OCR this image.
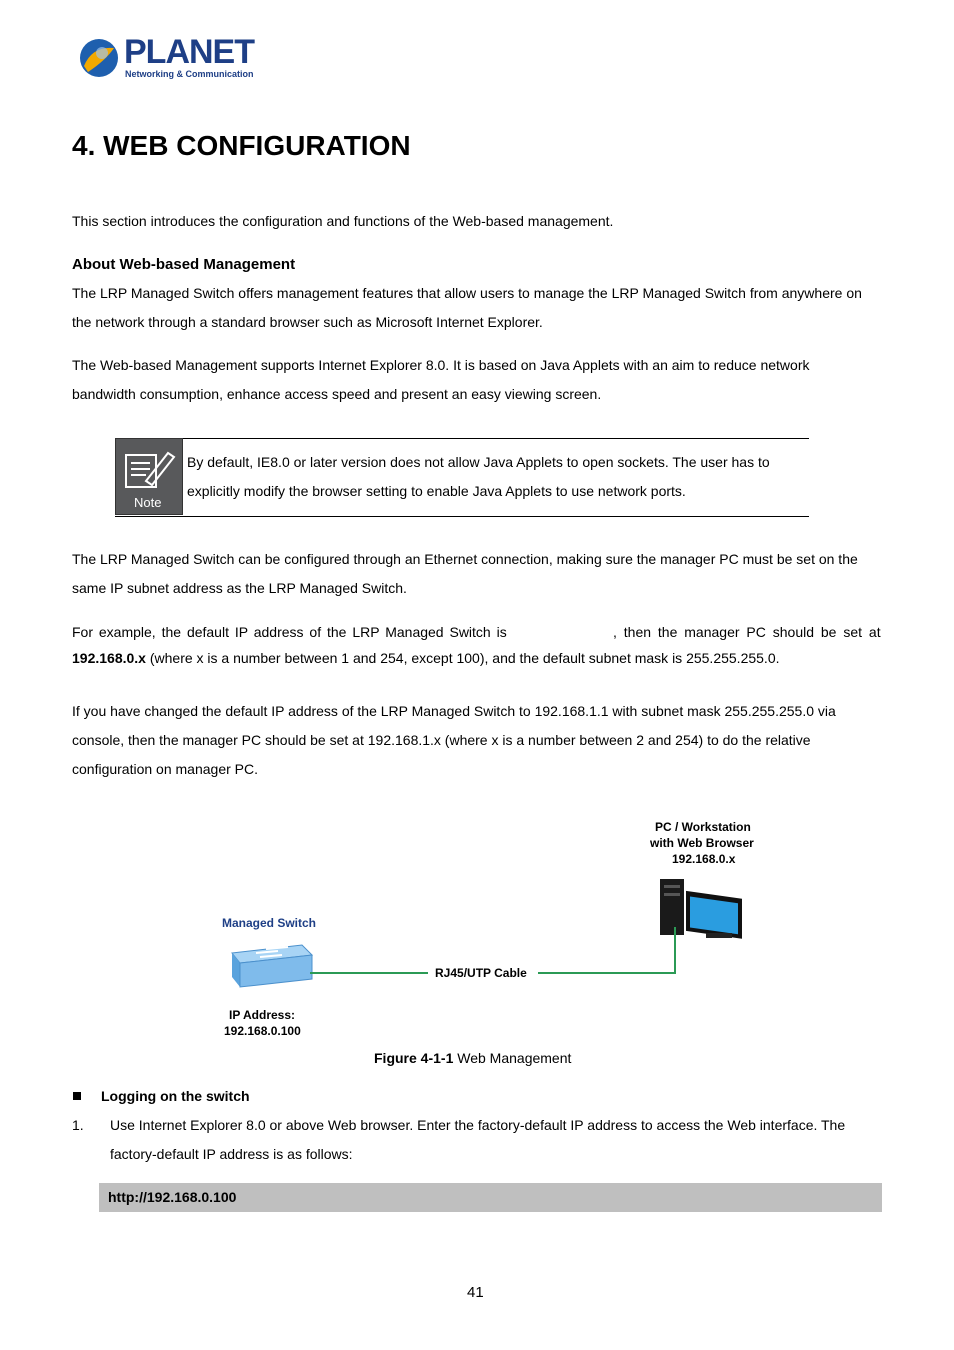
PLANET
Networking & Communication
4. WEB CONFIGURATION
This section introduces the configuration and functions of the Web-based management.
About Web-based Management
The LRP Managed Switch offers management features that allow users to manage the LRP Managed Switch from anywhere on
the network through a standard browser such as Microsoft Internet Explorer.
The Web-based Management supports Internet Explorer 8.0. It is based on Java Applets with an aim to reduce network
bandwidth consumption, enhance access speed and present an easy viewing screen.
Note
By default, IE8.0 or later version does not allow Java Applets to open sockets. The user has to
explicitly modify the browser setting to enable Java Applets to use network ports.
The LRP Managed Switch can be configured through an Ethernet connection, making sure the manager PC must be set on the
same IP subnet address as the LRP Managed Switch.
For example, the default IP address of the LRP Managed Switch is	, then the manager PC should be set at
192.168.0.x (where x is a number between 1 and 254, except 100), and the default subnet mask is 255.255.255.0.
If you have changed the default IP address of the LRP Managed Switch to 192.168.1.1 with subnet mask 255.255.255.0 via
console, then the manager PC should be set at 192.168.1.x (where x is a number between 2 and 254) to do the relative
configuration on manager PC.
PC / Workstation
with Web Browser
192.168.0.x
Managed Switch
RJ45/UTP Cable
IP Address:
192.168.0.100
Figure 4-1-1 Web Management
Logging on the switch
1. Use Internet Explorer 8.0 or above Web browser. Enter the factory-default IP address to access the Web interface. The
factory-default IP address is as follows:
http://192.168.0.100
41
